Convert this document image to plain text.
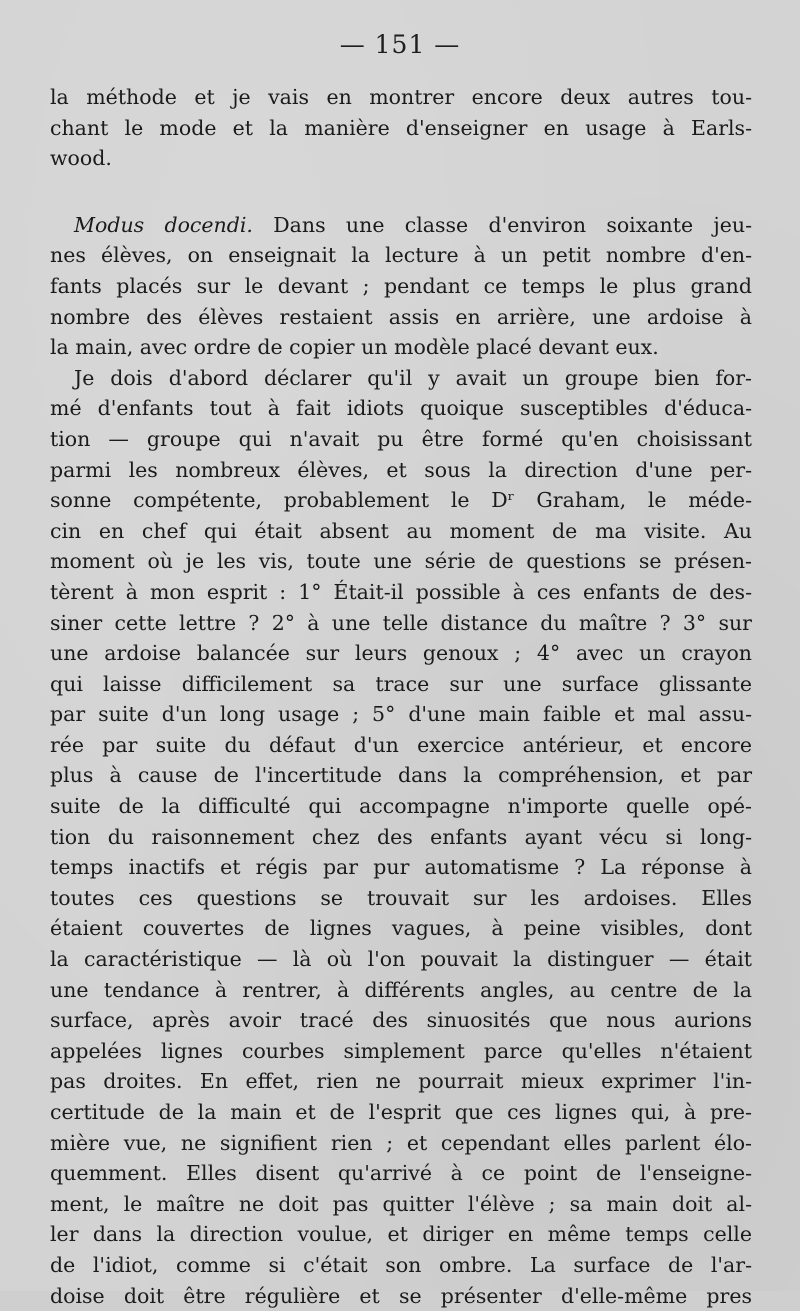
— 151 —
la méthode et je vais en montrer encore deux autres tou-
chant le mode et la manière d'enseigner en usage à Earls-
wood.
Modus docendi. Dans une classe d'environ soixante jeu-
nes élèves, on enseignait la lecture à un petit nombre d'en-
fants placés sur le devant ; pendant ce temps le plus grand
nombre des élèves restaient assis en arrière, une ardoise à
la main, avec ordre de copier un modèle placé devant eux.
Je dois d'abord déclarer qu'il y avait un groupe bien for-
mé d'enfants tout à fait idiots quoique susceptibles d'éduca-
tion — groupe qui n'avait pu être formé qu'en choisissant
parmi les nombreux élèves, et sous la direction d'une per-
sonne compétente, probablement le Dʳ Graham, le méde-
cin en chef qui était absent au moment de ma visite. Au
moment où je les vis, toute une série de questions se présen-
tèrent à mon esprit : 1° Était-il possible à ces enfants de des-
siner cette lettre ? 2° à une telle distance du maître ? 3° sur
une ardoise balancée sur leurs genoux ; 4° avec un crayon
qui laisse difficilement sa trace sur une surface glissante
par suite d'un long usage ; 5° d'une main faible et mal assu-
rée par suite du défaut d'un exercice antérieur, et encore
plus à cause de l'incertitude dans la compréhension, et par
suite de la difficulté qui accompagne n'importe quelle opé-
tion du raisonnement chez des enfants ayant vécu si long-
temps inactifs et régis par pur automatisme ? La réponse à
toutes ces questions se trouvait sur les ardoises. Elles
étaient couvertes de lignes vagues, à peine visibles, dont
la caractéristique — là où l'on pouvait la distinguer — était
une tendance à rentrer, à différents angles, au centre de la
surface, après avoir tracé des sinuosités que nous aurions
appelées lignes courbes simplement parce qu'elles n'étaient
pas droites. En effet, rien ne pourrait mieux exprimer l'in-
certitude de la main et de l'esprit que ces lignes qui, à pre-
mière vue, ne signifient rien ; et cependant elles parlent élo-
quemment. Elles disent qu'arrivé à ce point de l'enseigne-
ment, le maître ne doit pas quitter l'élève ; sa main doit al-
ler dans la direction voulue, et diriger en même temps celle
de l'idiot, comme si c'était son ombre. La surface de l'ar-
doise doit être régulière et se présenter d'elle-même pres
